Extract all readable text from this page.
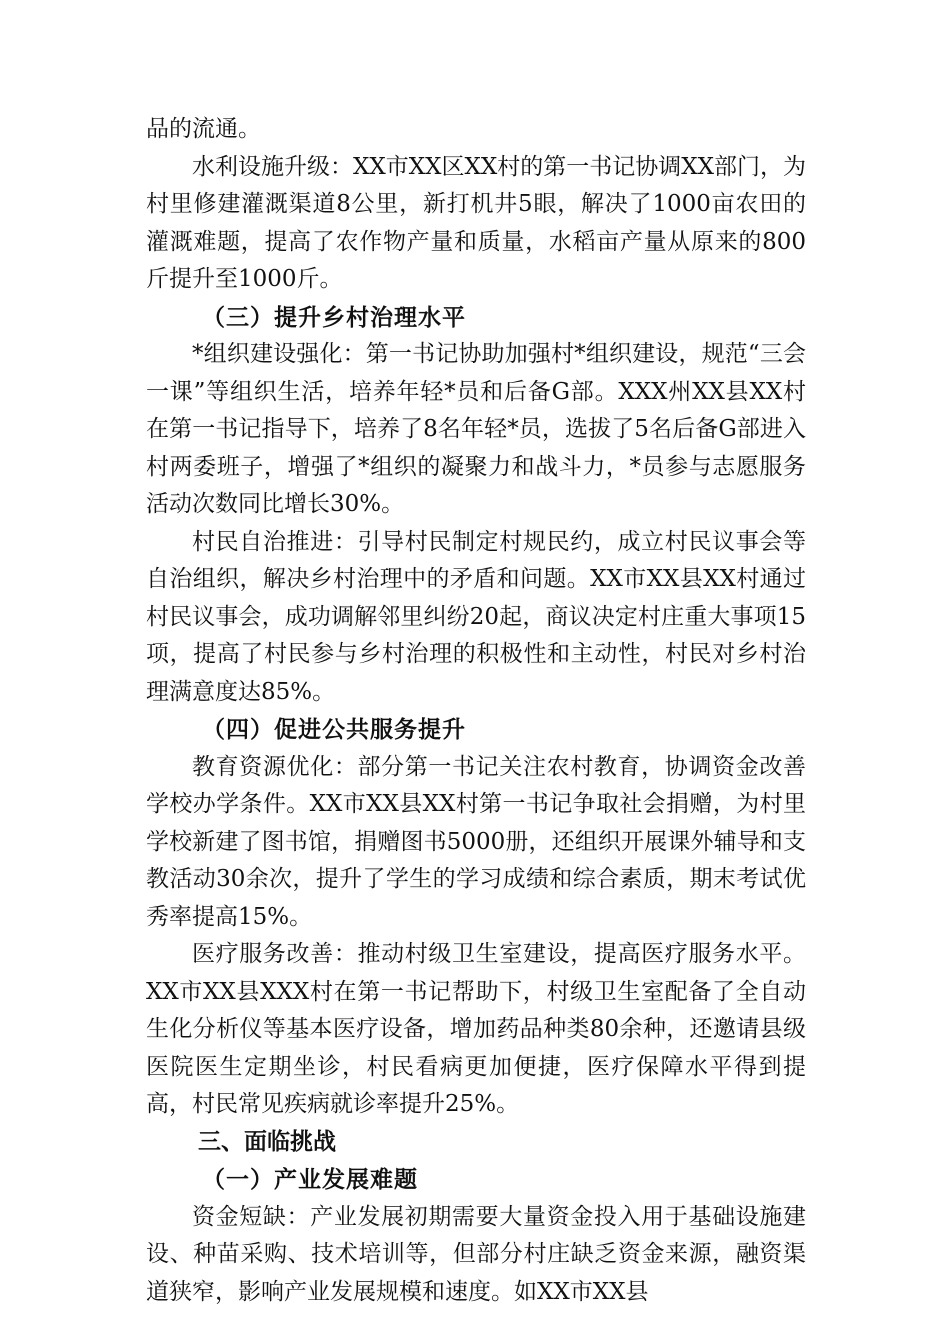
品的流通。

水利设施升级：XX市XX区XX村的第一书记协调XX部门，为村里修建灌溉渠道8公里，新打机井5眼，解决了1000亩农田的灌溉难题，提高了农作物产量和质量，水稻亩产量从原来的800斤提升至1000斤。

（三）提升乡村治理水平

*组织建设强化：第一书记协助加强村*组织建设，规范“三会一课”等组织生活，培养年轻*员和后备G部。XXX州XX县XX村在第一书记指导下，培养了8名年轻*员，选拔了5名后备G部进入村两委班子，增强了*组织的凝聚力和战斗力，*员参与志愿服务活动次数同比增长30%。

村民自治推进：引导村民制定村规民约，成立村民议事会等自治组织，解决乡村治理中的矛盾和问题。XX市XX县XX村通过村民议事会，成功调解邻里纠纷20起，商议决定村庄重大事项15项，提高了村民参与乡村治理的积极性和主动性，村民对乡村治理满意度达85%。

（四）促进公共服务提升

教育资源优化：部分第一书记关注农村教育，协调资金改善学校办学条件。XX市XX县XX村第一书记争取社会捐赠，为村里学校新建了图书馆，捐赠图书5000册，还组织开展课外辅导和支教活动30余次，提升了学生的学习成绩和综合素质，期末考试优秀率提高15%。

医疗服务改善：推动村级卫生室建设，提高医疗服务水平。XX市XX县XXX村在第一书记帮助下，村级卫生室配备了全自动生化分析仪等基本医疗设备，增加药品种类80余种，还邀请县级医院医生定期坐诊，村民看病更加便捷，医疗保障水平得到提高，村民常见疾病就诊率提升25%。

三、面临挑战

（一）产业发展难题

资金短缺：产业发展初期需要大量资金投入用于基础设施建设、种苗采购、技术培训等，但部分村庄缺乏资金来源，融资渠道狭窄，影响产业发展规模和速度。如XX市XX县
